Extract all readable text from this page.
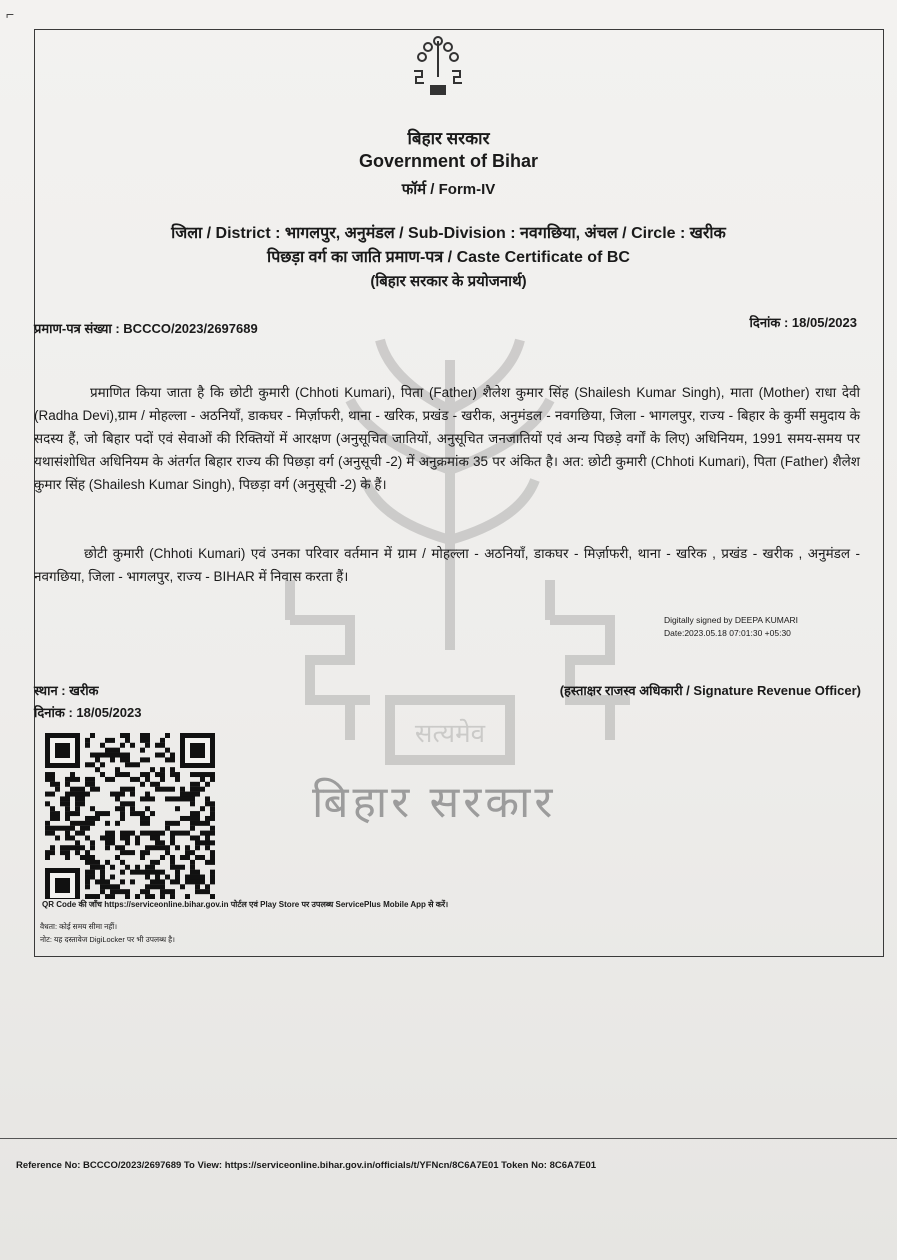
⌐
सत्यमेव
बिहार सरकार
बिहार सरकार
Government of Bihar
फॉर्म / Form-IV
जिला / District : भागलपुर, अनुमंडल / Sub-Division : नवगछिया, अंचल / Circle : खरीक
पिछड़ा वर्ग का जाति प्रमाण-पत्र / Caste Certificate of BC
(बिहार सरकार के प्रयोजनार्थ)
प्रमाण-पत्र संख्या : BCCCO/2023/2697689	दिनांक : 18/05/2023
प्रमाणित किया जाता है कि छोटी कुमारी (Chhoti Kumari), पिता (Father) शैलेश कुमार सिंह (Shailesh Kumar Singh), माता (Mother) राधा देवी (Radha Devi),ग्राम / मोहल्ला - अठनियाँ, डाकघर - मिर्ज़ाफरी, थाना - खरिक, प्रखंड - खरीक, अनुमंडल - नवगछिया, जिला - भागलपुर, राज्य - बिहार के कुर्मी समुदाय के सदस्य हैं, जो बिहार पदों एवं सेवाओं की रिक्तियों में आरक्षण (अनुसूचित जातियों, अनुसूचित जनजातियों एवं अन्य पिछड़े वर्गों के लिए) अधिनियम, 1991 समय-समय पर यथासंशोधित अधिनियम के अंतर्गत बिहार राज्य की पिछड़ा वर्ग (अनुसूची -2) में अनुक्रमांक 35 पर अंकित है। अत: छोटी कुमारी (Chhoti Kumari), पिता (Father) शैलेश कुमार सिंह (Shailesh Kumar Singh), पिछड़ा वर्ग (अनुसूची -2) के हैं।
छोटी कुमारी (Chhoti Kumari) एवं उनका परिवार वर्तमान में ग्राम / मोहल्ला - अठनियाँ, डाकघर - मिर्ज़ाफरी, थाना - खरिक , प्रखंड - खरीक , अनुमंडल - नवगछिया, जिला - भागलपुर, राज्य - BIHAR में निवास करता हैं।
Digitally signed by DEEPA KUMARI
Date:2023.05.18 07:01:30 +05:30
स्थान : खरीक
दिनांक : 18/05/2023
(हस्ताक्षर राजस्व अधिकारी / Signature Revenue Officer)
QR Code की जाँच https://serviceonline.bihar.gov.in पोर्टल एवं Play Store पर उपलब्ध ServicePlus Mobile App से करें।
वैधता: कोई समय सीमा नहीं।
नोट: यह दस्तावेज DigiLocker पर भी उपलब्ध है।
Reference No: BCCCO/2023/2697689 To View: https://serviceonline.bihar.gov.in/officials/t/YFNcn/8C6A7E01 Token No: 8C6A7E01
